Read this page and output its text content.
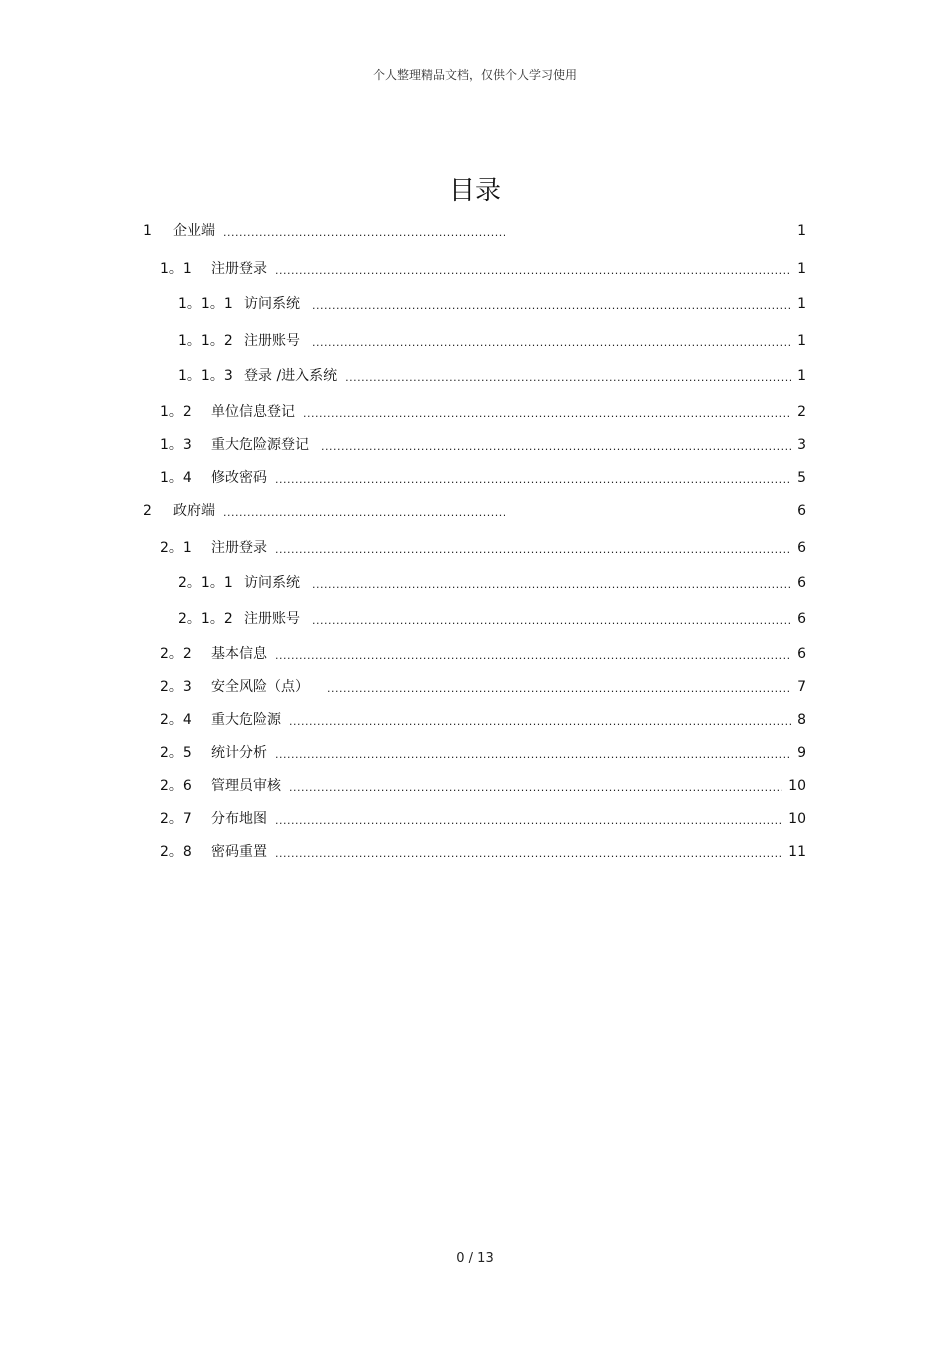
个人整理精品文档，仅供个人学习使用
目录
1	企业端 .....	1
1。1	注册登录 .....	1
1。1。1 访问系统 .....	1
1。1。2 注册账号 .....	1
1。1。3 登录 /进入系统 .....	1
1。2	单位信息登记 .....	2
1。3	重大危险源登记 .....	3
1。4	修改密码 .....	5
2	政府端 .....	6
2。1	注册登录 .....	6
2。1。1 访问系统 .....	6
2。1。2 注册账号 .....	6
2。2	基本信息 .....	6
2。3	安全风险（点） .....	7
2。4	重大危险源 .....	8
2。5	统计分析 .....	9
2。6	管理员审核 .....	10
2。7	分布地图 .....	10
2。8	密码重置 .....	11
0 / 13
